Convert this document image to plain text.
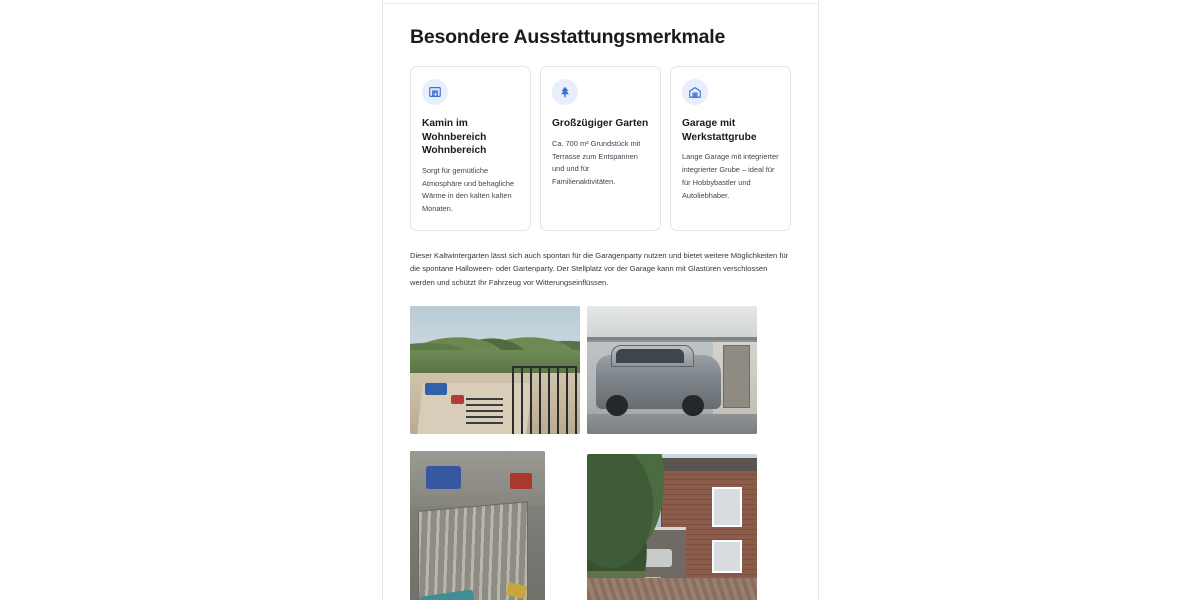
Besondere Ausstattungsmerkmale
Kamin im Wohnbereich Wohnbereich
Sorgt für gemütliche Atmosphäre und behagliche Wärme in den kalten kalten Monaten.
Großzügiger Garten
Ca. 700 m² Grundstück mit Terrasse zum Entspannen und und für Familienaktivitäten.
Garage mit Werkstattgrube
Lange Garage mit integrierter integrierter Grube – ideal für für Hobbybastler und Autoliebhaber.

Dieser Kaltwintergarten lässt sich auch spontan für die Garagenparty nutzen und bietet weitere Möglichkeiten für die spontane Halloween- oder Gartenparty. Der Stellplatz vor der Garage kann mit Glastüren verschlossen werden und schützt Ihr Fahrzeug vor Witterungseinflüssen.
